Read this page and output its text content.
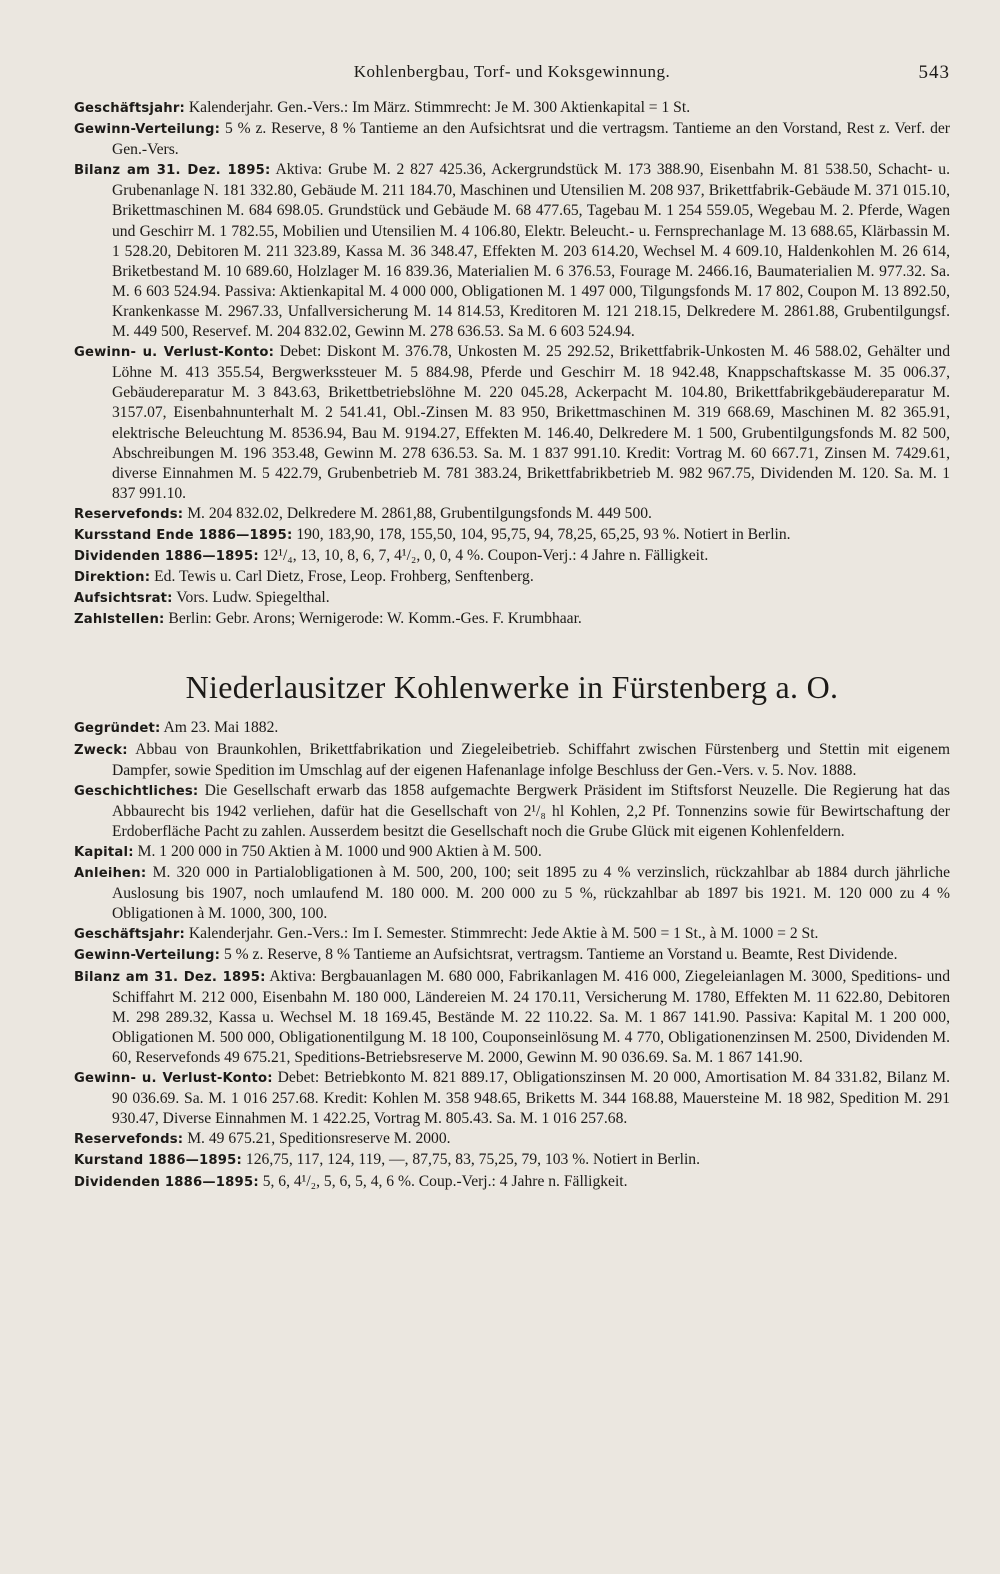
Kohlenbergbau, Torf- und Koksgewinnung.	543

Geschäftsjahr: Kalenderjahr. Gen.-Vers.: Im März. Stimmrecht: Je M. 300 Aktienkapital = 1 St.

Gewinn-Verteilung: 5 % z. Reserve, 8 % Tantieme an den Aufsichtsrat und die vertragsm. Tantieme an den Vorstand, Rest z. Verf. der Gen.-Vers.

Bilanz am 31. Dez. 1895: Aktiva: Grube M. 2 827 425.36, Ackergrundstück M. 173 388.90, Eisenbahn M. 81 538.50, Schacht- u. Grubenanlage N. 181 332.80, Gebäude M. 211 184.70, Maschinen und Utensilien M. 208 937, Brikettfabrik-Gebäude M. 371 015.10, Brikettmaschinen M. 684 698.05. Grundstück und Gebäude M. 68 477.65, Tagebau M. 1 254 559.05, Wegebau M. 2. Pferde, Wagen und Geschirr M. 1 782.55, Mobilien und Utensilien M. 4 106.80, Elektr. Beleucht.- u. Fernsprechanlage M. 13 688.65, Klärbassin M. 1 528.20, Debitoren M. 211 323.89, Kassa M. 36 348.47, Effekten M. 203 614.20, Wechsel M. 4 609.10, Haldenkohlen M. 26 614, Briketbestand M. 10 689.60, Holzlager M. 16 839.36, Materialien M. 6 376.53, Fourage M. 2466.16, Baumaterialien M. 977.32. Sa. M. 6 603 524.94. Passiva: Aktienkapital M. 4 000 000, Obligationen M. 1 497 000, Tilgungsfonds M. 17 802, Coupon M. 13 892.50, Krankenkasse M. 2967.33, Unfallversicherung M. 14 814.53, Kreditoren M. 121 218.15, Delkredere M. 2861.88, Grubentilgungsf. M. 449 500, Reservef. M. 204 832.02, Gewinn M. 278 636.53. Sa M. 6 603 524.94.

Gewinn- u. Verlust-Konto: Debet: Diskont M. 376.78, Unkosten M. 25 292.52, Brikettfabrik-Unkosten M. 46 588.02, Gehälter und Löhne M. 413 355.54, Bergwerkssteuer M. 5 884.98, Pferde und Geschirr M. 18 942.48, Knappschaftskasse M. 35 006.37, Gebäudereparatur M. 3 843.63, Brikettbetriebslöhne M. 220 045.28, Ackerpacht M. 104.80, Brikettfabrikgebäudereparatur M. 3157.07, Eisenbahnunterhalt M. 2 541.41, Obl.-Zinsen M. 83 950, Brikettmaschinen M. 319 668.69, Maschinen M. 82 365.91, elektrische Beleuchtung M. 8536.94, Bau M. 9194.27, Effekten M. 146.40, Delkredere M. 1 500, Grubentilgungsfonds M. 82 500, Abschreibungen M. 196 353.48, Gewinn M. 278 636.53. Sa. M. 1 837 991.10. Kredit: Vortrag M. 60 667.71, Zinsen M. 7429.61, diverse Einnahmen M. 5 422.79, Grubenbetrieb M. 781 383.24, Brikettfabrikbetrieb M. 982 967.75, Dividenden M. 120. Sa. M. 1 837 991.10.

Reservefonds: M. 204 832.02, Delkredere M. 2861,88, Grubentilgungsfonds M. 449 500.

Kursstand Ende 1886—1895: 190, 183,90, 178, 155,50, 104, 95,75, 94, 78,25, 65,25, 93 %. Notiert in Berlin.

Dividenden 1886—1895: 12¹/₄, 13, 10, 8, 6, 7, 4¹/₂, 0, 0, 4 %. Coupon-Verj.: 4 Jahre n. Fälligkeit.

Direktion: Ed. Tewis u. Carl Dietz, Frose, Leop. Frohberg, Senftenberg.

Aufsichtsrat: Vors. Ludw. Spiegelthal.

Zahlstellen: Berlin: Gebr. Arons; Wernigerode: W. Komm.-Ges. F. Krumbhaar.

Niederlausitzer Kohlenwerke in Fürstenberg a. O.

Gegründet: Am 23. Mai 1882.

Zweck: Abbau von Braunkohlen, Brikettfabrikation und Ziegeleibetrieb. Schiffahrt zwischen Fürstenberg und Stettin mit eigenem Dampfer, sowie Spedition im Umschlag auf der eigenen Hafenanlage infolge Beschluss der Gen.-Vers. v. 5. Nov. 1888.

Geschichtliches: Die Gesellschaft erwarb das 1858 aufgemachte Bergwerk Präsident im Stiftsforst Neuzelle. Die Regierung hat das Abbaurecht bis 1942 verliehen, dafür hat die Gesellschaft von 2¹/₈ hl Kohlen, 2,2 Pf. Tonnenzins sowie für Bewirtschaftung der Erdoberfläche Pacht zu zahlen. Ausserdem besitzt die Gesellschaft noch die Grube Glück mit eigenen Kohlenfeldern.

Kapital: M. 1 200 000 in 750 Aktien à M. 1000 und 900 Aktien à M. 500.

Anleihen: M. 320 000 in Partialobligationen à M. 500, 200, 100; seit 1895 zu 4 % verzinslich, rückzahlbar ab 1884 durch jährliche Auslosung bis 1907, noch umlaufend M. 180 000. M. 200 000 zu 5 %, rückzahlbar ab 1897 bis 1921. M. 120 000 zu 4 % Obligationen à M. 1000, 300, 100.

Geschäftsjahr: Kalenderjahr. Gen.-Vers.: Im I. Semester. Stimmrecht: Jede Aktie à M. 500 = 1 St., à M. 1000 = 2 St.

Gewinn-Verteilung: 5 % z. Reserve, 8 % Tantieme an Aufsichtsrat, vertragsm. Tantieme an Vorstand u. Beamte, Rest Dividende.

Bilanz am 31. Dez. 1895: Aktiva: Bergbauanlagen M. 680 000, Fabrikanlagen M. 416 000, Ziegeleianlagen M. 3000, Speditions- und Schiffahrt M. 212 000, Eisenbahn M. 180 000, Ländereien M. 24 170.11, Versicherung M. 1780, Effekten M. 11 622.80, Debitoren M. 298 289.32, Kassa u. Wechsel M. 18 169.45, Bestände M. 22 110.22. Sa. M. 1 867 141.90. Passiva: Kapital M. 1 200 000, Obligationen M. 500 000, Obligationentilgung M. 18 100, Couponseinlösung M. 4 770, Obligationenzinsen M. 2500, Dividenden M. 60, Reservefonds 49 675.21, Speditions-Betriebsreserve M. 2000, Gewinn M. 90 036.69. Sa. M. 1 867 141.90.

Gewinn- u. Verlust-Konto: Debet: Betriebkonto M. 821 889.17, Obligationszinsen M. 20 000, Amortisation M. 84 331.82, Bilanz M. 90 036.69. Sa. M. 1 016 257.68. Kredit: Kohlen M. 358 948.65, Briketts M. 344 168.88, Mauersteine M. 18 982, Spedition M. 291 930.47, Diverse Einnahmen M. 1 422.25, Vortrag M. 805.43. Sa. M. 1 016 257.68.

Reservefonds: M. 49 675.21, Speditionsreserve M. 2000.

Kurstand 1886—1895: 126,75, 117, 124, 119, —, 87,75, 83, 75,25, 79, 103 %. Notiert in Berlin.

Dividenden 1886—1895: 5, 6, 4¹/₂, 5, 6, 5, 4, 6 %. Coup.-Verj.: 4 Jahre n. Fälligkeit.
